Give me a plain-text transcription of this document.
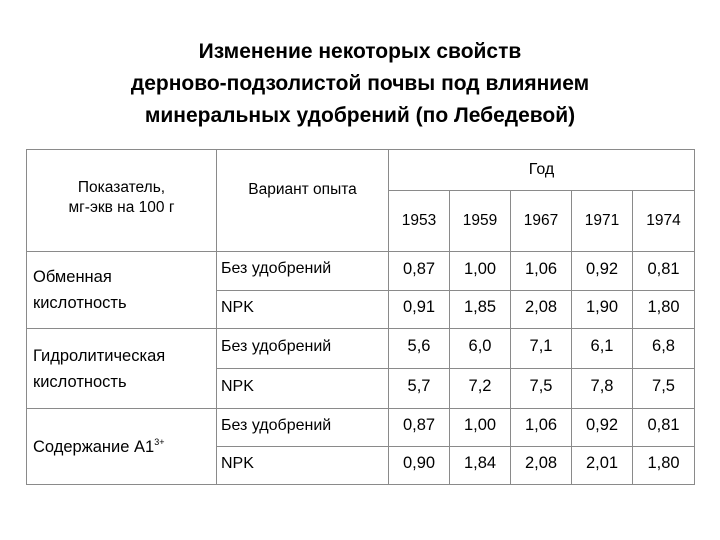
Изменение некоторых свойств
дерново-подзолистой почвы под влиянием
минеральных удобрений (по Лебедевой)
Показатель,
мг-экв на 100 г	Вариант опыта	Год				
		1953	1959	1967	1971	1974

Обменная
кислотность	Без удобрений	0,87	1,00	1,06	0,92	0,81
	NPK	0,91	1,85	2,08	1,90	1,80

Гидролитическая
кислотность	Без удобрений	5,6	6,0	7,1	6,1	6,8
	NPK	5,7	7,2	7,5	7,8	7,5
Содержание $А1^{3+}$	Без удобрений	0,87	1,00	1,06	0,92	0,81
	NPK	0,90	1,84	2,08	2,01	1,80
